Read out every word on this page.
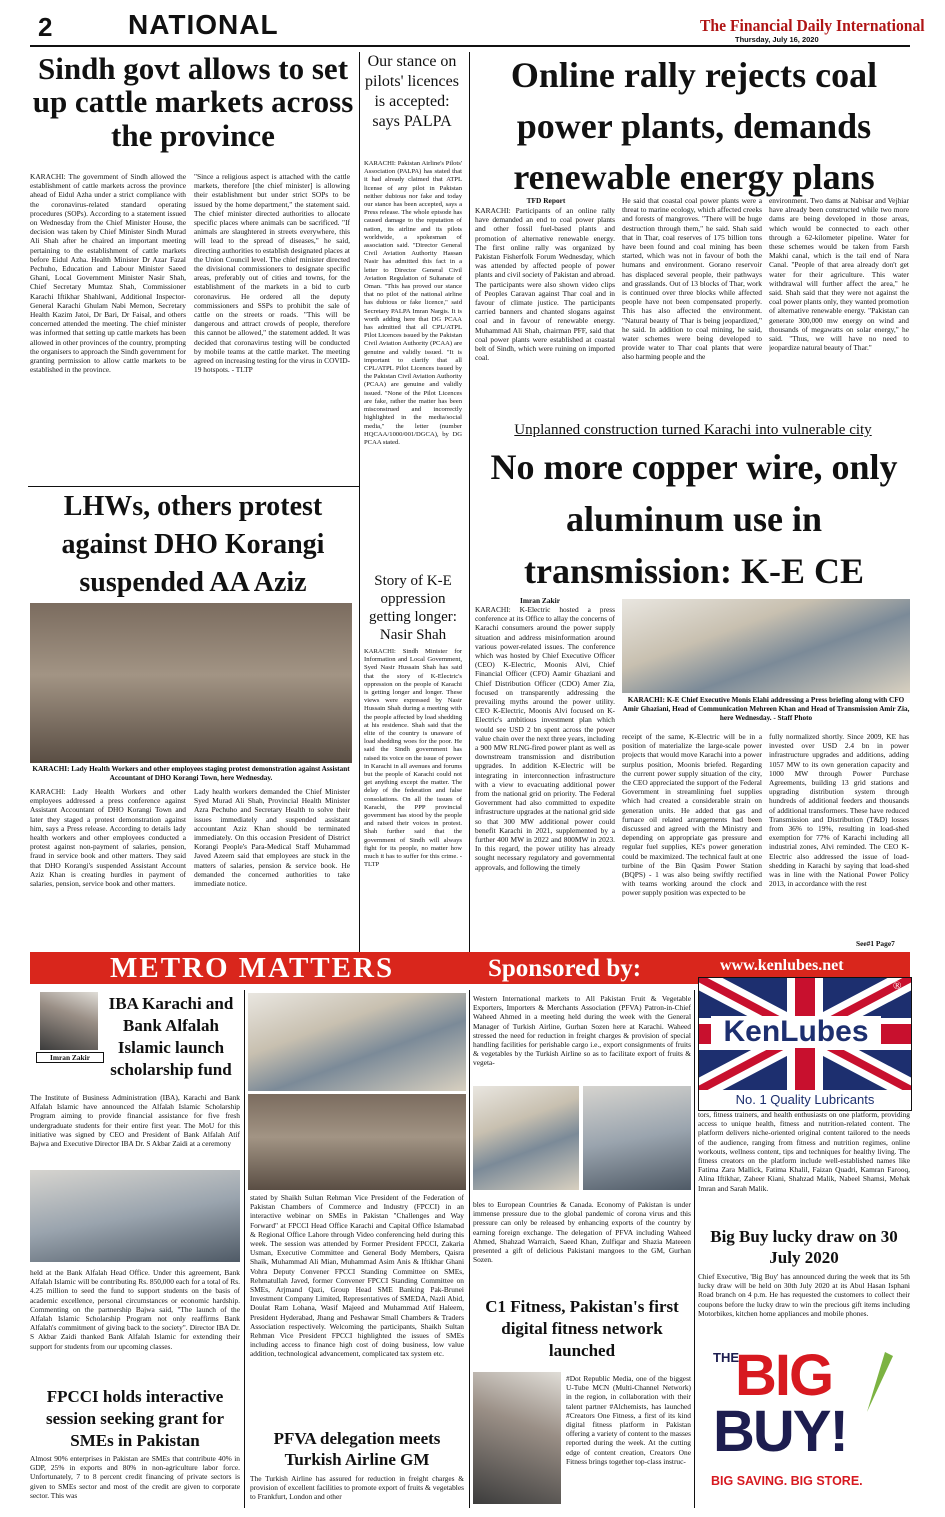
2	NATIONAL	The Financial Daily International
Thursday, July 16, 2020
Sindh govt allows to set up cattle markets across the province
KARACHI: The government of Sindh allowed the establishment of cattle markets across the province ahead of Eidul Azha under a strict compliance with the coronavirus-related standard operating procedures (SOPs). According to a statement issued on Wednesday from the Chief Minister House, the decision was taken by Chief Minister Sindh Murad Ali Shah after he chaired an important meeting pertaining to the establishment of cattle markets before Eidul Azha. Health Minister Dr Azar Fazal Pechuho, Education and Labour Minister Saeed Ghani, Local Government Minister Nasir Shah, Chief Secretary Mumtaz Shah, Commissioner Karachi Iftikhar Shahlwani, Additional Inspector-General Karachi Ghulam Nabi Memon, Secretary Health Kazim Jatoi, Dr Bari, Dr Faisal, and others concerned attended the meeting. The chief minister was informed that setting up cattle markets has been allowed in other provinces of the country, prompting the organisers to approach the Sindh government for granting permission to allow cattle markets to be established in the province.
"Since a religious aspect is attached with the cattle markets, therefore [the chief minister] is allowing their establishment but under strict SOPs to be issued by the home department," the statement said. The chief minister directed authorities to allocate specific places where animals can be sacrificed. "If animals are slaughtered in streets everywhere, this will lead to the spread of diseases," he said, directing authorities to establish designated places at the Union Council level. The chief minister directed the divisional commissioners to designate specific areas, preferably out of cities and towns, for the establishment of the markets in a bid to curb coronavirus. He ordered all the deputy commissioners and SSPs to prohibit the sale of cattle on the streets or roads. "This will be dangerous and attract crowds of people, therefore this cannot be allowed," the statement added. It was decided that coronavirus testing will be conducted by mobile teams at the cattle market. The meeting agreed on increasing testing for the virus in COVID-19 hotspots. - TLTP
Our stance on pilots' licences is accepted: says PALPA
KARACHI: Pakistan Airline's Pilots' Association (PALPA) has stated that it had already claimed that ATPL license of any pilot in Pakistan neither dubious nor fake and today our stance has been accepted, says a Press release. The whole episode has caused damage to the reputation of nation, its airline and its pilots worldwide, a spokesman of association said. "Director General Civil Aviation Authority Hassan Nasir has admitted this fact in a letter to Director General Civil Aviation Regulation of Sultanate of Oman. "This has proved our stance that no pilot of the national airline has dubious or fake licence," said Secretary PALPA Imran Nargis. It is worth adding here that DG PCAA has admitted that all CPL/ATPL Pilot Licences issued by the Pakistan Civil Aviation Authority (PCAA) are genuine and validly issued. "It is important to clarify that all CPL/ATPL Pilot Licences issued by the Pakistan Civil Aviation Authority (PCAA) are genuine and validly issued. "None of the Pilot Licences are fake, rather the matter has been misconstrued and incorrectly highlighted in the media/social media," the letter (number HQCAA/1000/001/DGCA), by DG PCAA stated.
Online rally rejects coal power plants, demands renewable energy plans
TFD Report
KARACHI: Participants of an online rally have demanded an end to coal power plants and other fossil fuel-based plants and promotion of alternative renewable energy. The first online rally was organized by Pakistan Fisherfolk Forum Wednesday, which was attended by affected people of power plants and civil society of Pakistan and abroad. The participants were also shown video clips of Peoples Caravan against Thar coal and in favour of climate justice. The participants carried banners and chanted slogans against coal and in favour of renewable energy. Muhammad Ali Shah, chairman PFF, said that coal power plants were established at coastal belt of Sindh, which were ruining on imported coal.
He said that coastal coal power plants were a threat to marine ecology, which affected creeks and forests of mangroves. "There will be huge destruction through them," he said. Shah said that in Thar, coal reserves of 175 billion tons have been found and coal mining has been started, which was not in favour of both the humans and environment. Gorano reservoir has displaced several people, their pathways and grasslands. Out of 13 blocks of Thar, work is continued over three blocks while affected people have not been compensated properly. This has also affected the environment. "Natural beauty of Thar is being jeopardized," he said. In addition to coal mining, he said, water schemes were being developed to provide water to Thar coal plants that were also harming people and the
environment. Two dams at Nabisar and Vejhiar have already been constructed while two more dams are being developed in those areas, which would be connected to each other through a 62-kilometer pipeline. Water for these schemes would be taken from Farsh Makhi canal, which is the tail end of Nara Canal. "People of that area already don't get water for their agriculture. This water withdrawal will further affect the area," he said. Shah said that they were not against the coal power plants only, they wanted promotion of alternative renewable energy. "Pakistan can generate 300,000 mw energy on wind and thousands of megawatts on solar energy," he said. "Thus, we will have no need to jeopardize natural beauty of Thar."
Unplanned construction turned Karachi into vulnerable city
No more copper wire, only aluminum use in transmission: K-E CE
Imran Zakir
KARACHI: K-Electric hosted a press conference at its Office to allay the concerns of Karachi consumers around the power supply situation and address misinformation around various power-related issues. The conference which was hosted by Chief Executive Officer (CEO) K-Electric, Moonis Alvi, Chief Financial Officer (CFO) Aamir Ghaziani and Chief Distribution Officer (CDO) Amer Zia, focused on transparently addressing the prevailing myths around the power utility. CEO K-Electric, Moonis Alvi focused on K-Electric's ambitious investment plan which would see USD 2 bn spent across the power value chain over the next three years, including a 900 MW RLNG-fired power plant as well as downstream transmission and distribution upgrades. In addition K-Electric will be integrating in interconnection infrastructure with a view to evacuating additional power from the national grid on priority. The Federal Government had also committed to expedite infrastructure upgrades at the national grid side so that 300 MW additional power could benefit Karachi in 2021, supplemented by a further 400 MW in 2022 and 800MW in 2023. In this regard, the power utility has already sought necessary regulatory and governmental approvals, and following the timely
KARACHI: K-E Chief Executive Monis Elahi addressing a Press briefing along with CFO Amir Ghaziani, Head of Communication Mehreen Khan and Head of Transmission Amir Zia, here Wednesday. - Staff Photo
receipt of the same, K-Electric will be in a position of materialize the large-scale power projects that would move Karachi into a power surplus position, Moonis briefed. Regarding the current power supply situation of the city, the CEO appreciated the support of the Federal Government in streamlining fuel supplies which had created a considerable strain on generation units. He added that gas and furnace oil related arrangements had been discussed and agreed with the Ministry and depending on appropriate gas pressure and regular fuel supplies, KE's power generation could be maximized. The technical fault at one turbine of the Bin Qasim Power Station (BQPS) - 1 was also being swiftly rectified with teams working around the clock and power supply position was expected to be
fully normalized shortly. Since 2009, KE has invested over USD 2.4 bn in power infrastructure upgrades and additions, adding 1057 MW to its own generation capacity and 1000 MW through Power Purchase Agreements, building 13 grid stations and upgrading distribution system through hundreds of additional feeders and thousands of additional transformers. These have reduced Transmission and Distribution (T&D) losses from 36% to 19%, resulting in load-shed exemption for 77% of Karachi including all industrial zones, Alvi reminded. The CEO K-Electric also addressed the issue of load-shedding in Karachi by saying that load-shed was in line with the National Power Policy 2013, in accordance with the rest
See#1 Page7
LHWs, others protest against DHO Korangi suspended AA Aziz
KARACHI: Lady Health Workers and other employees staging protest demonstration against Assistant Accountant of DHO Korangi Town, here Wednesday.
KARACHI: Lady Health Workers and other employees addressed a press conference against Assistant Accountant of DHO Korangi Town and later they staged a protest demonstration against him, says a Press release. According to details lady health workers and other employees conducted a protest against non-payment of salaries, pension, fraud in service book and other matters. They said that DHO Korangi's suspended Assistant Account Aziz Khan is creating hurdles in payment of salaries, pension, service book and other matters.
Lady health workers demanded the Chief Minister Syed Murad Ali Shah, Provincial Health Minister Azra Pechuho and Secretary Health to solve their issues immediately and suspended assistant accountant Aziz Khan should be terminated immediately. On this occasion President of District Korangi People's Para-Medical Staff Muhammad Javed Azeem said that employees are stuck in the matters of salaries, pension & service book. He demanded the concerned authorities to take immediate notice.
Story of K-E oppression getting longer: Nasir Shah
KARACHI: Sindh Minister for Information and Local Government, Syed Nasir Hussain Shah has said that the story of K-Electric's oppression on the people of Karachi is getting longer and longer. These views were expressed by Nasir Hussain Shah during a meeting with the people affected by load shedding at his residence. Shah said that the elite of the country is unaware of load shedding woes for the poor. He said the Sindh government has raised its voice on the issue of power in Karachi in all avenues and forums but the people of Karachi could not get anything except the matter. The delay of the federation and false consolations. On all the issues of Karachi, the PPP provincial government has stood by the people and raised their voices in protest. Shah further said that the government of Sindh will always fight for its people, no matter how much it has to suffer for this crime. - TLTP
METRO MATTERS	Sponsored by:	www.kenlubes.net
KenLubes
®
No. 1 Quality Lubricants
Imran Zakir
IBA Karachi and Bank Alfalah Islamic launch scholarship fund
The Institute of Business Administration (IBA), Karachi and Bank Alfalah Islamic have announced the Alfalah Islamic Scholarship Program aiming to provide financial assistance for five fresh undergraduate students for their entire first year. The MoU for this initiative was signed by CEO and President of Bank Alfalah Atif Bajwa and Executive Director IBA Dr. S Akbar Zaidi at a ceremony
held at the Bank Alfalah Head Office. Under this agreement, Bank Alfalah Islamic will be contributing Rs. 850,000 each for a total of Rs. 4.25 million to seed the fund to support students on the basis of academic excellence, personal circumstances or economic hardship. Commenting on the partnership Bajwa said, "The launch of the Alfalah Islamic Scholarship Program not only reaffirms Bank Alfalah's commitment of giving back to the society". Director IBA Dr. S Akbar Zaidi thanked Bank Alfalah Islamic for extending their support for students from our upcoming classes.
FPCCI holds interactive session seeking grant for SMEs in Pakistan
Almost 90% enterprises in Pakistan are SMEs that contribute 40% in GDP, 25% in exports and 80% in non-agriculture labor force. Unfortunately, 7 to 8 percent credit financing of private sectors is given to SMEs sector and most of the credit are given to corporate sector. This was
stated by Shaikh Sultan Rehman Vice President of the Federation of Pakistan Chambers of Commerce and Industry (FPCCI) in an interactive webinar on SMEs in Pakistan "Challenges and Way Forward" at FPCCI Head Office Karachi and Capital Office Islamabad & Regional Office Lahore through Video conferencing held during this week. The session was attended by Former President FPCCI, Zakaria Usman, Executive Committee and General Body Members, Qaisra Shaik, Muhammad Ali Mian, Muhammad Asim Anis & Iftikhar Ghani Vohra Deputy Convener FPCCI Standing Committee on SMEs, Rehmatullah Javed, former Convener FPCCI Standing Committee on SMEs, Arjmand Qazi, Group Head SME Banking Pak-Brunei Investment Company Limited, Representatives of SMEDA, Nazli Abid, Doulat Ram Lohana, Wasif Majeed and Muhammad Atif Haleem, President Hyderabad, Jhang and Peshawar Small Chambers & Traders Association respectively. Welcoming the participants, Shaikh Sultan Rehman Vice President FPCCI highlighted the issues of SMEs including access to finance high cost of doing business, low value addition, technological advancement, complicated tax system etc.
PFVA delegation meets Turkish Airline GM
The Turkish Airline has assured for reduction in freight charges & provision of excellent facilities to promote export of fruits & vegetables to Frankfurt, London and other
Western International markets to All Pakistan Fruit & Vegetable Exporters, Importers & Merchants Association (PFVA) Patron-in-Chief Waheed Ahmed in a meeting held during the week with the General Manager of Turkish Airline, Gurhan Sozen here at Karachi. Waheed stressed the need for reduction in freight charges & provision of special handling facilities for perishable cargo i.e., export consignments of fruits & vegetables by the Turkish Airline so as to facilitate export of fruits & vegeta-
bles to European Countries & Canada. Economy of Pakistan is under immense pressure due to the global pandemic of corona virus and this pressure can only be released by enhancing exports of the country by earning foreign exchange. The delegation of PFVA including Waheed Ahmed, Shahzad Warraich, Saeed Khan, Zulfiqar and Shazia Mateeen presented a gift of delicious Pakistani mangoes to the GM, Gurhan Sozen.
C1 Fitness, Pakistan's first digital fitness network launched
#Dot Republic Media, one of the biggest U-Tube MCN (Multi-Channel Network) in the region, in collaboration with their talent partner #Alchemists, has launched #Creators One Fitness, a first of its kind digital fitness platform in Pakistan offering a variety of content to the masses reported during the week. At the cutting edge of content creation, Creators One Fitness brings together top-class instruc-
tors, fitness trainers, and health enthusiasts on one platform, providing access to unique health, fitness and nutrition-related content. The platform delivers niche-oriented original content tailored to the needs of the audience, ranging from fitness and nutrition regimes, online workouts, wellness content, tips and techniques for healthy living. The fitness creators on the platform include well-established names like Fatima Zara Mallick, Fatima Khalil, Faizan Quadri, Kamran Farooq, Alina Iftikhar, Zaheer Kiani, Shahzad Malik, Nabeel Shamsi, Mehak Imran and Sarah Malik.
Big Buy lucky draw on 30 July 2020
Chief Executive, 'Big Buy' has announced during the week that its 5th lucky draw will be held on 30th July 2020 at its Abul Hasan Isphani Road branch on 4 p.m. He has requested the customers to collect their coupons before the lucky draw to win the precious gift items including Motorbikes, kitchen home appliances and mobile phones.
THE
BIG
BUY!
BIG SAVING. BIG STORE.
